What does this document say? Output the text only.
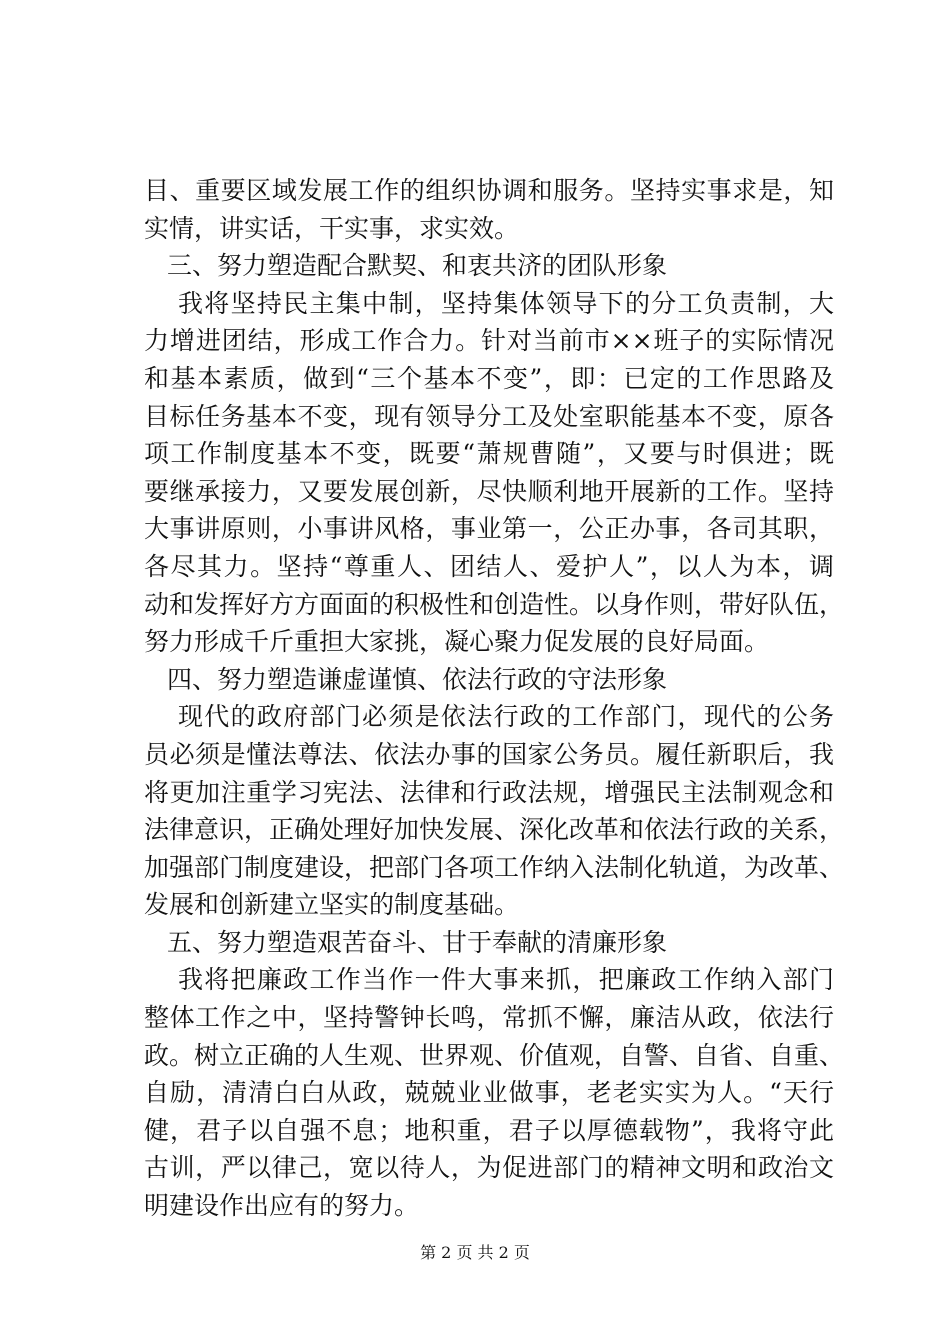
目、重要区域发展工作的组织协调和服务。坚持实事求是，知
实情，讲实话，干实事，求实效。
三、努力塑造配合默契、和衷共济的团队形象
我将坚持民主集中制，坚持集体领导下的分工负责制，大
力增进团结，形成工作合力。针对当前市××班子的实际情况
和基本素质，做到“三个基本不变”，即：已定的工作思路及
目标任务基本不变，现有领导分工及处室职能基本不变，原各
项工作制度基本不变，既要“萧规曹随”，又要与时俱进；既
要继承接力，又要发展创新，尽快顺利地开展新的工作。坚持
大事讲原则，小事讲风格，事业第一，公正办事，各司其职，
各尽其力。坚持“尊重人、团结人、爱护人”，以人为本，调
动和发挥好方方面面的积极性和创造性。以身作则，带好队伍，
努力形成千斤重担大家挑，凝心聚力促发展的良好局面。
四、努力塑造谦虚谨慎、依法行政的守法形象
现代的政府部门必须是依法行政的工作部门，现代的公务
员必须是懂法尊法、依法办事的国家公务员。履任新职后，我
将更加注重学习宪法、法律和行政法规，增强民主法制观念和
法律意识，正确处理好加快发展、深化改革和依法行政的关系，
加强部门制度建设，把部门各项工作纳入法制化轨道，为改革、
发展和创新建立坚实的制度基础。
五、努力塑造艰苦奋斗、甘于奉献的清廉形象
我将把廉政工作当作一件大事来抓，把廉政工作纳入部门
整体工作之中，坚持警钟长鸣，常抓不懈，廉洁从政，依法行
政。树立正确的人生观、世界观、价值观，自警、自省、自重、
自励，清清白白从政，兢兢业业做事，老老实实为人。“天行
健，君子以自强不息；地积重，君子以厚德载物”，我将守此
古训，严以律己，宽以待人，为促进部门的精神文明和政治文
明建设作出应有的努力。
第 2 页 共 2 页
